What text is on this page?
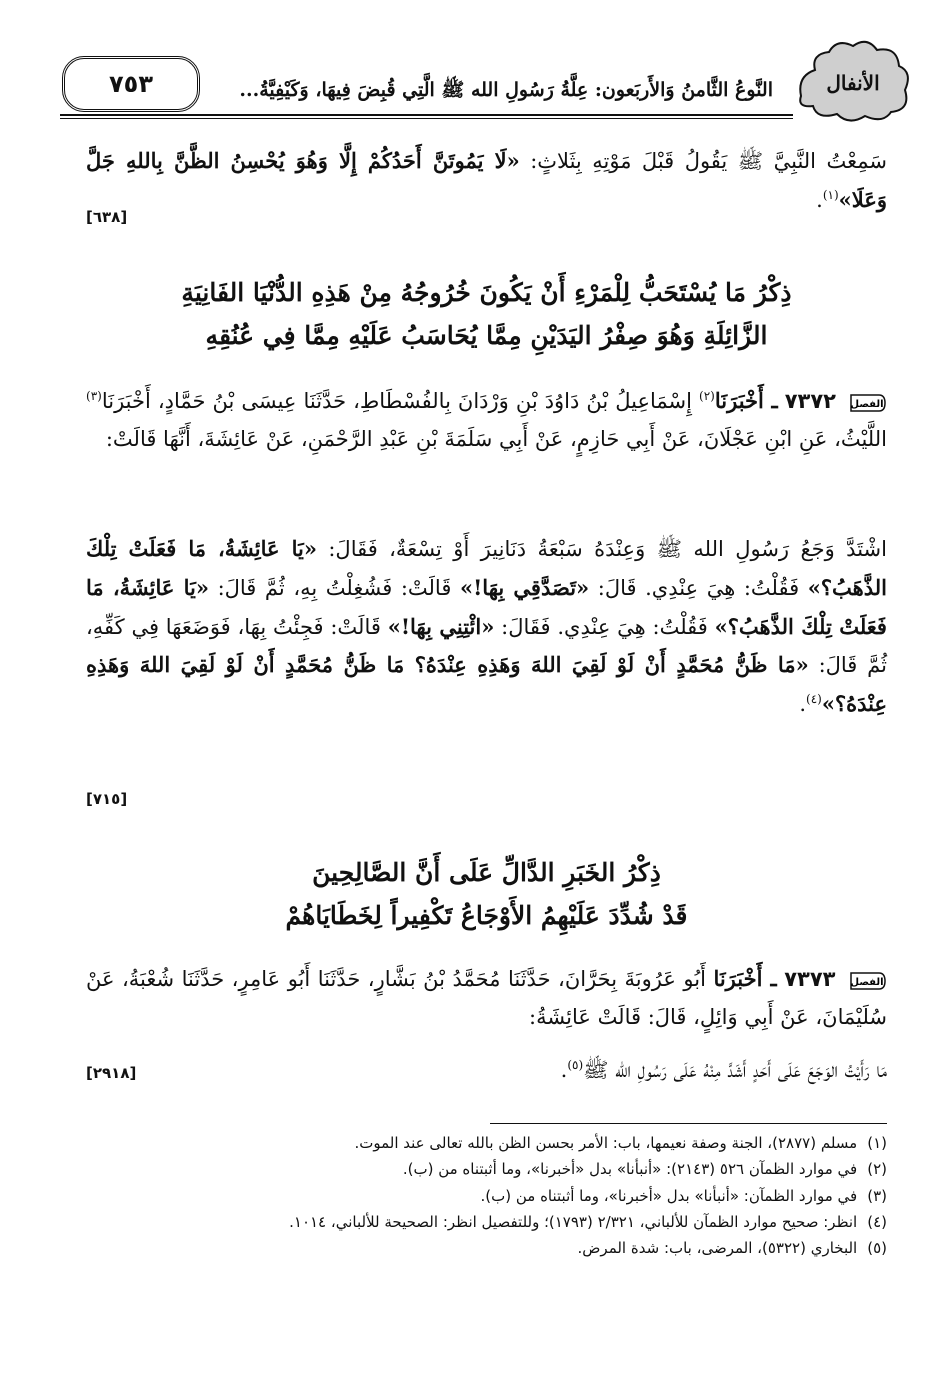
الأنفال
النَّوعُ الثَّامنُ وَالأَربَعون: عِلَّةُ رَسُولِ الله ﷺ الَّتِي قُبِضَ فِيهَا، وَكَيْفِيَّةُ...
٧٥٣
سَمِعْتُ النَّبِيَّ ﷺ يَقُولُ قَبْلَ مَوْتِهِ بِثَلاثٍ: «لَا يَمُوتَنَّ أَحَدُكُمْ إِلَّا وَهُوَ يُحْسِنُ الظَّنَّ بِاللهِ جَلَّ وَعَلَا»$^{(١)}$.
[٦٣٨]
ذِكْرُ مَا يُسْتَحَبُّ لِلْمَرْءِ أَنْ يَكُونَ خُرُوجُهُ مِنْ هَذِهِ الدُّنْيَا الفَانِيَةِ
الزَّائِلَةِ وَهُوَ صِفْرُ اليَدَيْنِ مِمَّا يُحَاسَبُ عَلَيْهِ مِمَّا فِي عُنُقِهِ
الفصل
٧٣٧٢ ـ أَخْبَرَنَا$^{(٢)}$ إِسْمَاعِيلُ بْنُ دَاوُدَ بْنِ وَرْدَانَ بِالفُسْطَاطِ، حَدَّثَنَا عِيسَى بْنُ حَمَّادٍ، أَخْبَرَنَا$^{(٣)}$ اللَّيْثُ، عَنِ ابْنِ عَجْلَانَ، عَنْ أَبِي حَازِمٍ، عَنْ أَبِي سَلَمَةَ بْنِ عَبْدِ الرَّحْمَنِ، عَنْ عَائِشَةَ، أَنَّهَا قَالَتْ:
اشْتَدَّ وَجَعُ رَسُولِ الله ﷺ وَعِنْدَهُ سَبْعَةُ دَنَانِيرَ أَوْ تِسْعَةٌ، فَقَالَ: «يَا عَائِشَةُ، مَا فَعَلَتْ تِلْكَ الذَّهَبُ؟» فَقُلْتُ: هِيَ عِنْدِي. قَالَ: «تَصَدَّقِي بِهَا!» قَالَتْ: فَشُغِلْتُ بِهِ، ثُمَّ قَالَ: «يَا عَائِشَةُ، مَا فَعَلَتْ تِلْكَ الذَّهَبُ؟» فَقُلْتُ: هِيَ عِنْدِي. فَقَالَ: «ائْتِنِي بِهَا!» قَالَتْ: فَجِئْتُ بِهَا، فَوَضَعَهَا فِي كَفِّهِ، ثُمَّ قَالَ: «مَا ظَنُّ مُحَمَّدٍ أَنْ لَوْ لَقِيَ اللهَ وَهَذِهِ عِنْدَهُ؟ مَا ظَنُّ مُحَمَّدٍ أَنْ لَوْ لَقِيَ اللهَ وَهَذِهِ عِنْدَهُ؟»$^{(٤)}$.
[٧١٥]
ذِكْرُ الخَبَرِ الدَّالِّ عَلَى أَنَّ الصَّالِحِينَ
قَدْ شُدِّدَ عَلَيْهِمُ الأَوْجَاعُ تَكْفِيراً لِخَطَايَاهُمْ
الفصل
٧٣٧٣ ـ أَخْبَرَنَا أَبُو عَرُوبَةَ بِحَرَّانَ، حَدَّثَنَا مُحَمَّدُ بْنُ بَشَّارٍ، حَدَّثَنَا أَبُو عَامِرٍ، حَدَّثَنَا شُعْبَةُ، عَنْ سُلَيْمَانَ، عَنْ أَبِي وَائِلٍ، قَالَ: قَالَتْ عَائِشَةُ:
مَا رَأَيْتُ الوَجَعَ عَلَى أَحَدٍ أَشَدَّ مِنْهُ عَلَى رَسُولِ الله ﷺ$^{(٥)}$.
[٢٩١٨]
(١)
مسلم (٢٨٧٧)، الجنة وصفة نعيمها، باب: الأمر بحسن الظن بالله تعالى عند الموت.
(٢)
في موارد الظمآن ٥٢٦ (٢١٤٣): «أنبأنا» بدل «أخبرنا»، وما أثبتناه من (ب).
(٣)
في موارد الظمآن: «أنبأنا» بدل «أخبرنا»، وما أثبتناه من (ب).
(٤)
انظر: صحيح موارد الظمآن للألباني، ٢/٣٢١ (١٧٩٣)؛ وللتفصيل انظر: الصحيحة للألباني، ١٠١٤.
(٥)
البخاري (٥٣٢٢)، المرضى، باب: شدة المرض.
